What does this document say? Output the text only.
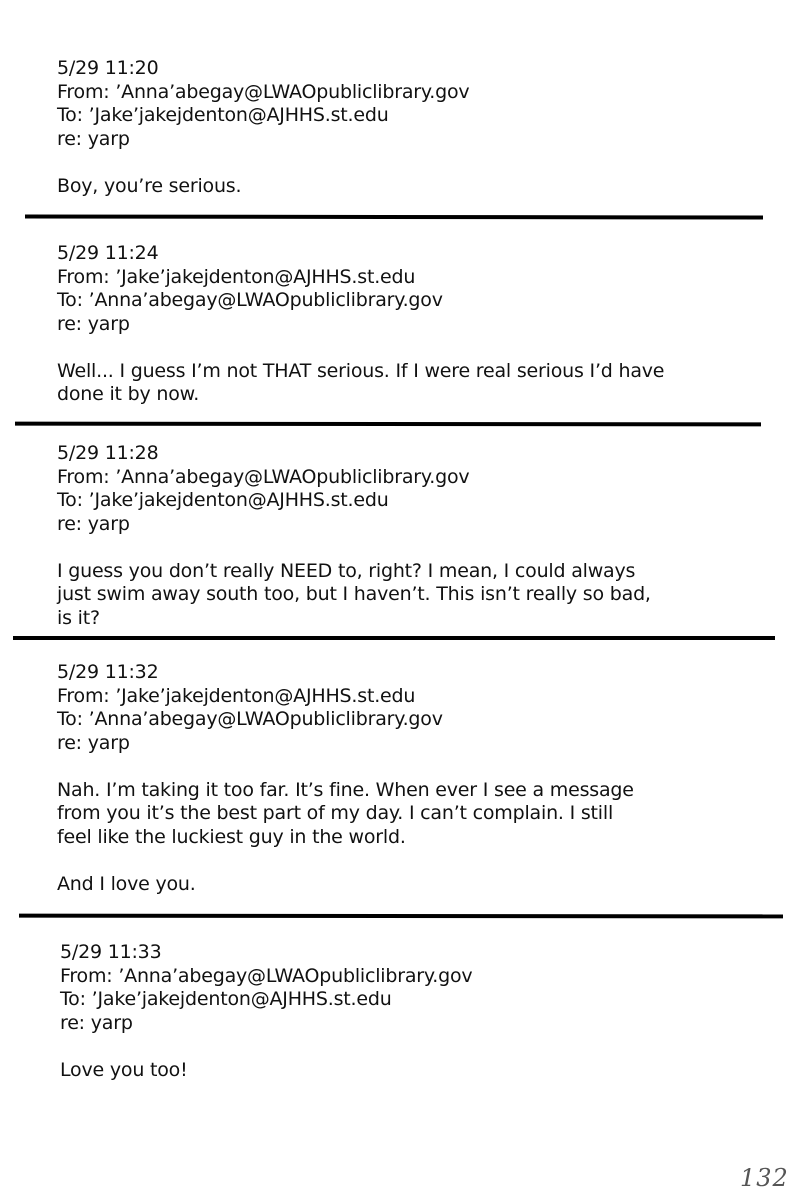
5/29 11:20
From: ’Anna’abegay@LWAOpubliclibrary.gov
To: ’Jake’jakejdenton@AJHHS.st.edu
re: yarp
Boy, you’re serious.
5/29 11:24
From: ’Jake’jakejdenton@AJHHS.st.edu
To: ’Anna’abegay@LWAOpubliclibrary.gov
re: yarp
Well... I guess I’m not THAT serious. If I were real serious I’d have
done it by now.
5/29 11:28
From: ’Anna’abegay@LWAOpubliclibrary.gov
To: ’Jake’jakejdenton@AJHHS.st.edu
re: yarp
I guess you don’t really NEED to, right? I mean, I could always
just swim away south too, but I haven’t. This isn’t really so bad,
is it?
5/29 11:32
From: ’Jake’jakejdenton@AJHHS.st.edu
To: ’Anna’abegay@LWAOpubliclibrary.gov
re: yarp
Nah. I’m taking it too far. It’s fine. When ever I see a message
from you it’s the best part of my day. I can’t complain. I still
feel like the luckiest guy in the world.
And I love you.
5/29 11:33
From: ’Anna’abegay@LWAOpubliclibrary.gov
To: ’Jake’jakejdenton@AJHHS.st.edu
re: yarp
Love you too!
132
